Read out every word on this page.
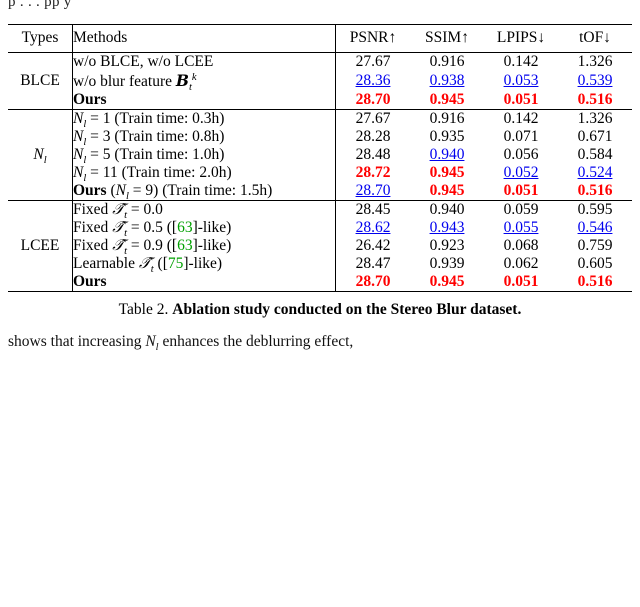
p . . . pp y

Types	Methods	PSNR↑	SSIM↑	LPIPS↓	tOF↓

BLCE	w/o BLCE, w/o LCEE	27.67	0.916	0.142	1.326
	w/o blur feature $B_t^k$	28.36	0.938	0.053	0.539
	Ours	28.70	0.945	0.051	0.516

$N_l$	$N_l = 1$ (Train time: 0.3h)	27.67	0.916	0.142	1.326
	$N_l = 3$ (Train time: 0.8h)	28.28	0.935	0.071	0.671
	$N_l = 5$ (Train time: 1.0h)	28.48	0.940	0.056	0.584
	$N_l = 11$ (Train time: 2.0h)	28.72	0.945	0.052	0.524
	Ours $(N_l = 9)$ (Train time: 1.5h)	28.70	0.945	0.051	0.516

LCEE	Fixed $𝒯̂_t = 0.0$	28.45	0.940	0.059	0.595
	Fixed $𝒯̂_t = 0.5$ ([63]-like)	28.62	0.943	0.055	0.546
	Fixed $𝒯̂_t = 0.9$ ([63]-like)	26.42	0.923	0.068	0.759
	Learnable $𝒯̂_t$ ([75]-like)	28.47	0.939	0.062	0.605
	Ours	28.70	0.945	0.051	0.516

Table 2. Ablation study conducted on the Stereo Blur dataset.
shows that increasing $N_l$ enhances the deblurring effect,
